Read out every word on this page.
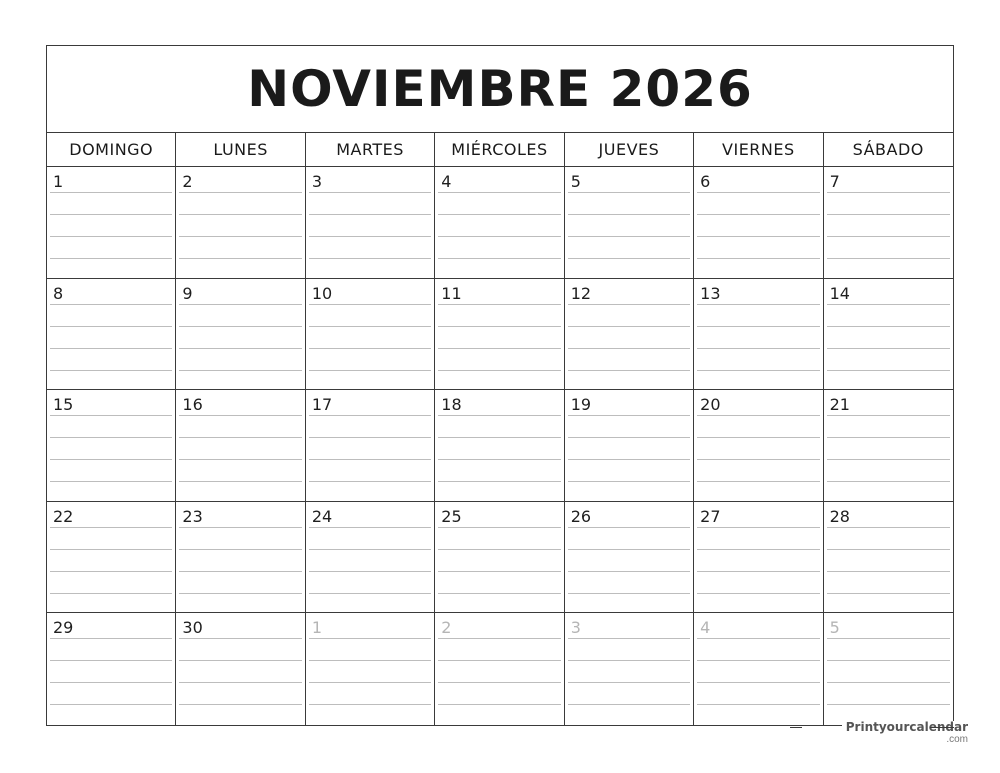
NOVIEMBRE 2026
DOMINGO	LUNES	MARTES	MIÉRCOLES	JUEVES	VIERNES	SÁBADO
1	2	3	4	5	6	7
8	9	10	11	12	13	14
15	16	17	18	19	20	21
22	23	24	25	26	27	28
29	30	1	2	3	4	5
Printyourcalendar
.com
